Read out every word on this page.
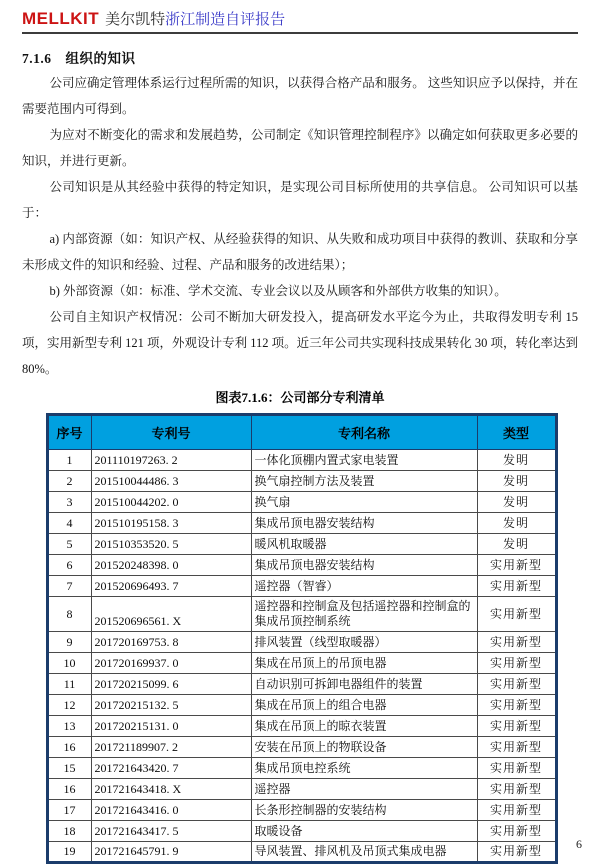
MELLKIT 美尔凯特浙江制造自评报告
7.1.6 组织的知识

公司应确定管理体系运行过程所需的知识，以获得合格产品和服务。 这些知识应予以保持，并在需要范围内可得到。

为应对不断变化的需求和发展趋势，公司制定《知识管理控制程序》以确定如何获取更多必要的知识，并进行更新。

公司知识是从其经验中获得的特定知识，是实现公司目标所使用的共享信息。 公司知识可以基于：

a) 内部资源（如：知识产权、从经验获得的知识、从失败和成功项目中获得的教训、获取和分享未形成文件的知识和经验、过程、产品和服务的改进结果）；

b) 外部资源（如：标准、学术交流、专业会议以及从顾客和外部供方收集的知识）。

公司自主知识产权情况：公司不断加大研发投入，提高研发水平迄今为止，共取得发明专利 15 项，实用新型专利 121 项，外观设计专利 112 项。近三年公司共实现科技成果转化 30 项，转化率达到 80%。

图表7.1.6：公司部分专利清单
序号	专利号	专利名称	类型
1	201110197263. 2	一体化顶棚内置式家电装置	发明
2	201510044486. 3	换气扇控制方法及装置	发明
3	201510044202. 0	换气扇	发明
4	201510195158. 3	集成吊顶电器安装结构	发明
5	201510353520. 5	暖风机取暖器	发明
6	201520248398. 0	集成吊顶电器安装结构	实用新型
7	201520696493. 7	遥控器（智睿）	实用新型
8	201520696561. X	遥控器和控制盒及包括遥控器和控制盒的集成吊顶控制系统	实用新型
9	201720169753. 8	排风装置（线型取暖器）	实用新型
10	201720169937. 0	集成在吊顶上的吊顶电器	实用新型
11	201720215099. 6	自动识别可拆卸电器组件的装置	实用新型
12	201720215132. 5	集成在吊顶上的组合电器	实用新型
13	201720215131. 0	集成在吊顶上的晾衣装置	实用新型
16	201721189907. 2	安装在吊顶上的物联设备	实用新型
15	201721643420. 7	集成吊顶电控系统	实用新型
16	201721643418. X	遥控器	实用新型
17	201721643416. 0	长条形控制器的安装结构	实用新型
18	201721643417. 5	取暖设备	实用新型
19	201721645791. 9	导风装置、排风机及吊顶式集成电器	实用新型	6
